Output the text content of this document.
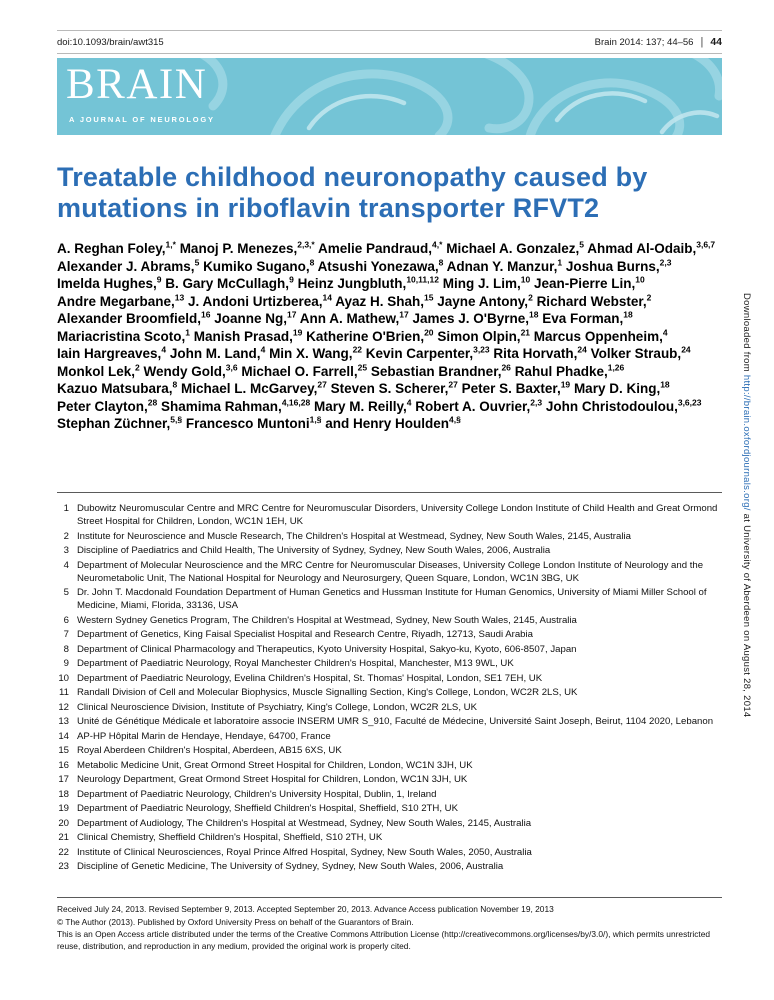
doi:10.1093/brain/awt315	Brain 2014: 137; 44–56 | 44
BRAIN
A JOURNAL OF NEUROLOGY
Treatable childhood neuronopathy caused by mutations in riboflavin transporter RFVT2

A. Reghan Foley,$^{1,*}$ Manoj P. Menezes,$^{2,3,*}$ Amelie Pandraud,$^{4,*}$ Michael A. Gonzalez,$^5$ Ahmad Al-Odaib,$^{3,6,7}$ Alexander J. Abrams,$^5$ Kumiko Sugano,$^8$ Atsushi Yonezawa,$^8$ Adnan Y. Manzur,$^1$ Joshua Burns,$^{2,3}$ Imelda Hughes,$^9$ B. Gary McCullagh,$^9$ Heinz Jungbluth,$^{10,11,12}$ Ming J. Lim,$^{10}$ Jean-Pierre Lin,$^{10}$ Andre Megarbane,$^{13}$ J. Andoni Urtizberea,$^{14}$ Ayaz H. Shah,$^{15}$ Jayne Antony,$^2$ Richard Webster,$^2$ Alexander Broomfield,$^{16}$ Joanne Ng,$^{17}$ Ann A. Mathew,$^{17}$ James J. O'Byrne,$^{18}$ Eva Forman,$^{18}$ Mariacristina Scoto,$^1$ Manish Prasad,$^{19}$ Katherine O'Brien,$^{20}$ Simon Olpin,$^{21}$ Marcus Oppenheim,$^4$ Iain Hargreaves,$^4$ John M. Land,$^4$ Min X. Wang,$^{22}$ Kevin Carpenter,$^{3,23}$ Rita Horvath,$^{24}$ Volker Straub,$^{24}$ Monkol Lek,$^2$ Wendy Gold,$^{3,6}$ Michael O. Farrell,$^{25}$ Sebastian Brandner,$^{26}$ Rahul Phadke,$^{1,26}$ Kazuo Matsubara,$^8$ Michael L. McGarvey,$^{27}$ Steven S. Scherer,$^{27}$ Peter S. Baxter,$^{19}$ Mary D. King,$^{18}$ Peter Clayton,$^{28}$ Shamima Rahman,$^{4,16,28}$ Mary M. Reilly,$^4$ Robert A. Ouvrier,$^{2,3}$ John Christodoulou,$^{3,6,23}$ Stephan Züchner,$^{5,\S}$ Francesco Muntoni$^{1,\S}$ and Henry Houlden$^{4,\S}$

1 Dubowitz Neuromuscular Centre and MRC Centre for Neuromuscular Disorders, University College London Institute of Child Health and Great Ormond Street Hospital for Children, London, WC1N 1EH, UK
2 Institute for Neuroscience and Muscle Research, The Children's Hospital at Westmead, Sydney, New South Wales, 2145, Australia
3 Discipline of Paediatrics and Child Health, The University of Sydney, Sydney, New South Wales, 2006, Australia
4 Department of Molecular Neuroscience and the MRC Centre for Neuromuscular Diseases, University College London Institute of Neurology and the Neurometabolic Unit, The National Hospital for Neurology and Neurosurgery, Queen Square, London, WC1N 3BG, UK
5 Dr. John T. Macdonald Foundation Department of Human Genetics and Hussman Institute for Human Genomics, University of Miami Miller School of Medicine, Miami, Florida, 33136, USA
6 Western Sydney Genetics Program, The Children's Hospital at Westmead, Sydney, New South Wales, 2145, Australia
7 Department of Genetics, King Faisal Specialist Hospital and Research Centre, Riyadh, 12713, Saudi Arabia
8 Department of Clinical Pharmacology and Therapeutics, Kyoto University Hospital, Sakyo-ku, Kyoto, 606-8507, Japan
9 Department of Paediatric Neurology, Royal Manchester Children's Hospital, Manchester, M13 9WL, UK
10 Department of Paediatric Neurology, Evelina Children's Hospital, St. Thomas' Hospital, London, SE1 7EH, UK
11 Randall Division of Cell and Molecular Biophysics, Muscle Signalling Section, King's College, London, WC2R 2LS, UK
12 Clinical Neuroscience Division, Institute of Psychiatry, King's College, London, WC2R 2LS, UK
13 Unité de Génétique Médicale et laboratoire associe INSERM UMR S_910, Faculté de Médecine, Université Saint Joseph, Beirut, 1104 2020, Lebanon
14 AP-HP Hôpital Marin de Hendaye, Hendaye, 64700, France
15 Royal Aberdeen Children's Hospital, Aberdeen, AB15 6XS, UK
16 Metabolic Medicine Unit, Great Ormond Street Hospital for Children, London, WC1N 3JH, UK
17 Neurology Department, Great Ormond Street Hospital for Children, London, WC1N 3JH, UK
18 Department of Paediatric Neurology, Children's University Hospital, Dublin, 1, Ireland
19 Department of Paediatric Neurology, Sheffield Children's Hospital, Sheffield, S10 2TH, UK
20 Department of Audiology, The Children's Hospital at Westmead, Sydney, New South Wales, 2145, Australia
21 Clinical Chemistry, Sheffield Children's Hospital, Sheffield, S10 2TH, UK
22 Institute of Clinical Neurosciences, Royal Prince Alfred Hospital, Sydney, New South Wales, 2050, Australia
23 Discipline of Genetic Medicine, The University of Sydney, Sydney, New South Wales, 2006, Australia

Received July 24, 2013. Revised September 9, 2013. Accepted September 20, 2013. Advance Access publication November 19, 2013

© The Author (2013). Published by Oxford University Press on behalf of the Guarantors of Brain.

This is an Open Access article distributed under the terms of the Creative Commons Attribution License (http://creativecommons.org/licenses/by/3.0/), which permits unrestricted reuse, distribution, and reproduction in any medium, provided the original work is properly cited.

Downloaded from http://brain.oxfordjournals.org/ at University of Aberdeen on August 28, 2014
